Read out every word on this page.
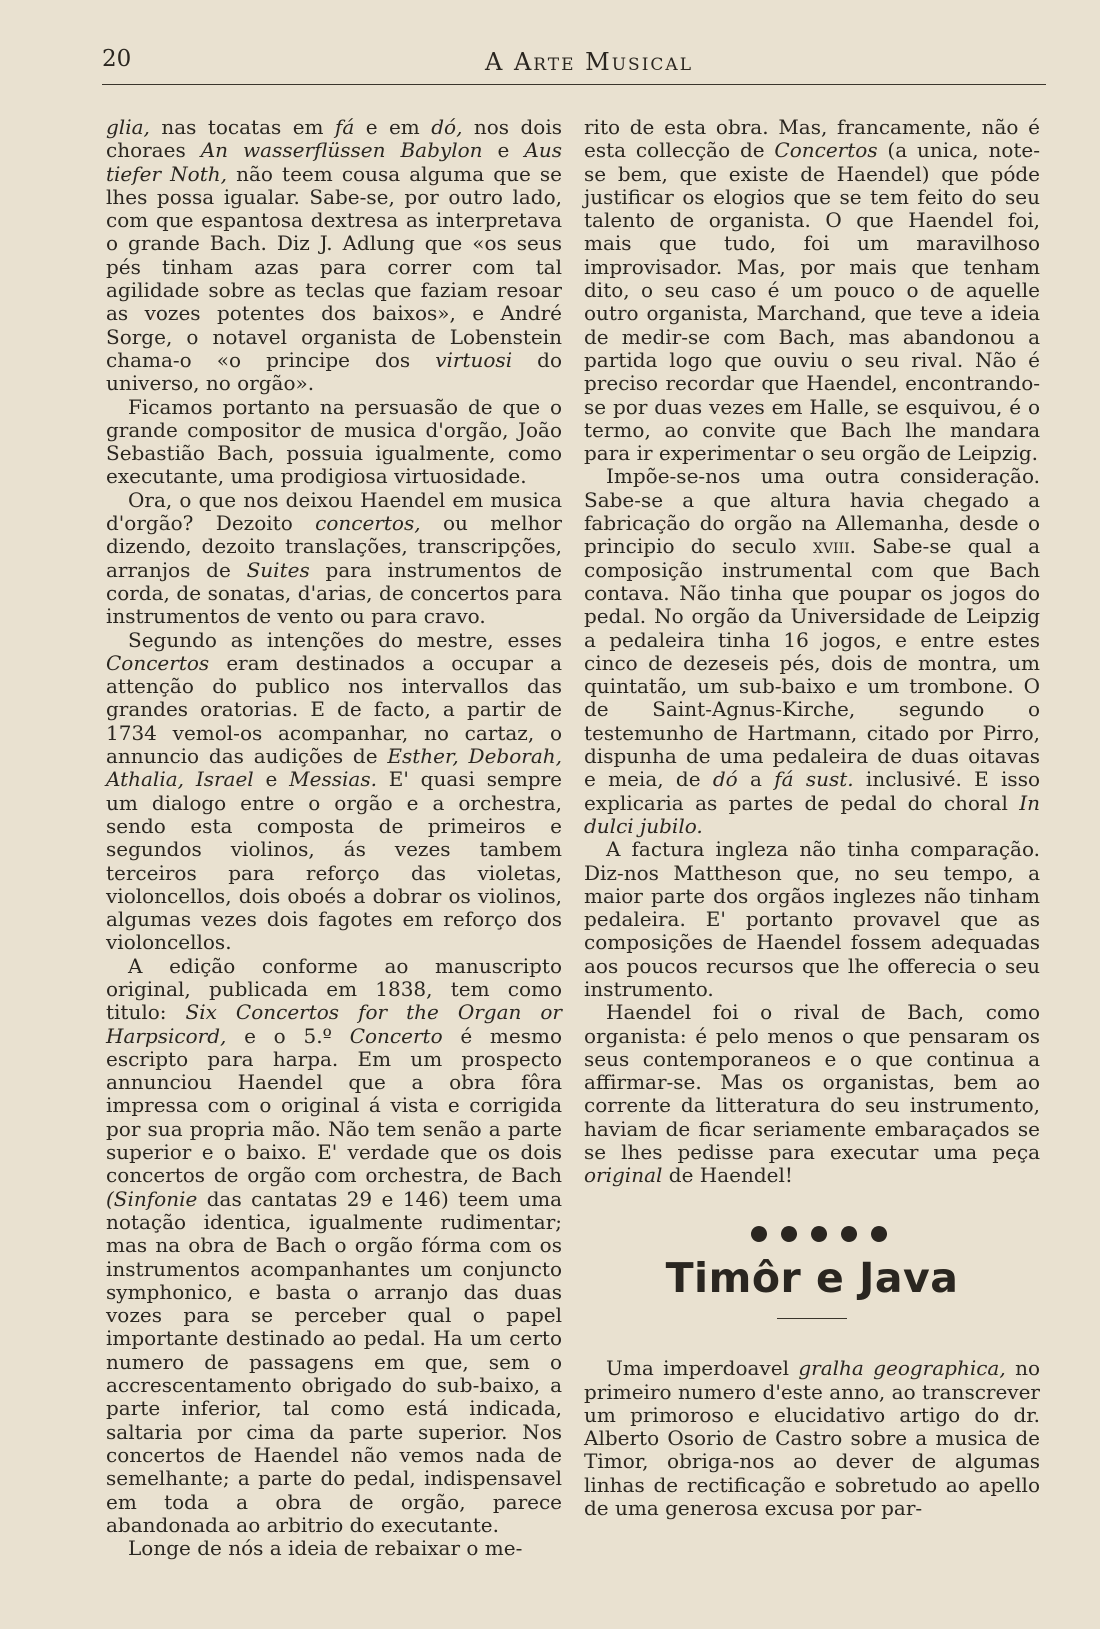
20	A Arte Musical

glia, nas tocatas em fá e em dó, nos dois choraes An wasserflüssen Babylon e Aus tiefer Noth, não teem cousa alguma que se lhes possa igualar. Sabe-se, por outro lado, com que espantosa dextresa as interpretava o grande Bach. Diz J. Adlung que «os seus pés tinham azas para correr com tal agilidade sobre as teclas que faziam resoar as vozes potentes dos baixos», e André Sorge, o notavel organista de Lobenstein chama-o «o principe dos virtuosi do universo, no orgão».

Ficamos portanto na persuasão de que o grande compositor de musica d'orgão, João Sebastião Bach, possuia igualmente, como executante, uma prodigiosa virtuosidade.

Ora, o que nos deixou Haendel em musica d'orgão? Dezoito concertos, ou melhor dizendo, dezoito translações, transcripções, arranjos de Suites para instrumentos de corda, de sonatas, d'arias, de concertos para instrumentos de vento ou para cravo.

Segundo as intenções do mestre, esses Concertos eram destinados a occupar a attenção do publico nos intervallos das grandes oratorias. E de facto, a partir de 1734 vemol-os acompanhar, no cartaz, o annuncio das audições de Esther, Deborah, Athalia, Israel e Messias. E' quasi sempre um dialogo entre o orgão e a orchestra, sendo esta composta de primeiros e segundos violinos, ás vezes tambem terceiros para reforço das violetas, violoncellos, dois oboés a dobrar os violinos, algumas vezes dois fagotes em reforço dos violoncellos.

A edição conforme ao manuscripto original, publicada em 1838, tem como titulo: Six Concertos for the Organ or Harpsicord, e o 5.º Concerto é mesmo escripto para harpa. Em um prospecto annunciou Haendel que a obra fôra impressa com o original á vista e corrigida por sua propria mão. Não tem senão a parte superior e o baixo. E' verdade que os dois concertos de orgão com orchestra, de Bach (Sinfonie das cantatas 29 e 146) teem uma notação identica, igualmente rudimentar; mas na obra de Bach o orgão fórma com os instrumentos acompanhantes um conjuncto symphonico, e basta o arranjo das duas vozes para se perceber qual o papel importante destinado ao pedal. Ha um certo numero de passagens em que, sem o accrescentamento obrigado do sub-baixo, a parte inferior, tal como está indicada, saltaria por cima da parte superior. Nos concertos de Haendel não vemos nada de semelhante; a parte do pedal, indispensavel em toda a obra de orgão, parece abandonada ao arbitrio do executante.

Longe de nós a ideia de rebaixar o me-

rito de esta obra. Mas, francamente, não é esta collecção de Concertos (a unica, note-se bem, que existe de Haendel) que póde justificar os elogios que se tem feito do seu talento de organista. O que Haendel foi, mais que tudo, foi um maravilhoso improvisador. Mas, por mais que tenham dito, o seu caso é um pouco o de aquelle outro organista, Marchand, que teve a ideia de medir-se com Bach, mas abandonou a partida logo que ouviu o seu rival. Não é preciso recordar que Haendel, encontrando-se por duas vezes em Halle, se esquivou, é o termo, ao convite que Bach lhe mandara para ir experimentar o seu orgão de Leipzig.

Impõe-se-nos uma outra consideração. Sabe-se a que altura havia chegado a fabricação do orgão na Allemanha, desde o principio do seculo xviii. Sabe-se qual a composição instrumental com que Bach contava. Não tinha que poupar os jogos do pedal. No orgão da Universidade de Leipzig a pedaleira tinha 16 jogos, e entre estes cinco de dezeseis pés, dois de montra, um quintatão, um sub-baixo e um trombone. O de Saint-Agnus-Kirche, segundo o testemunho de Hartmann, citado por Pirro, dispunha de uma pedaleira de duas oitavas e meia, de dó a fá sust. inclusivé. E isso explicaria as partes de pedal do choral In dulci jubilo.

A factura ingleza não tinha comparação. Diz-nos Mattheson que, no seu tempo, a maior parte dos orgãos inglezes não tinham pedaleira. E' portanto provavel que as composições de Haendel fossem adequadas aos poucos recursos que lhe offerecia o seu instrumento.

Haendel foi o rival de Bach, como organista: é pelo menos o que pensaram os seus contemporaneos e o que continua a affirmar-se. Mas os organistas, bem ao corrente da litteratura do seu instrumento, haviam de ficar seriamente embaraçados se se lhes pedisse para executar uma peça original de Haendel!

Timôr e Java

Uma imperdoavel gralha geographica, no primeiro numero d'este anno, ao transcrever um primoroso e elucidativo artigo do dr. Alberto Osorio de Castro sobre a musica de Timor, obriga-nos ao dever de algumas linhas de rectificação e sobretudo ao apello de uma generosa excusa por par-
